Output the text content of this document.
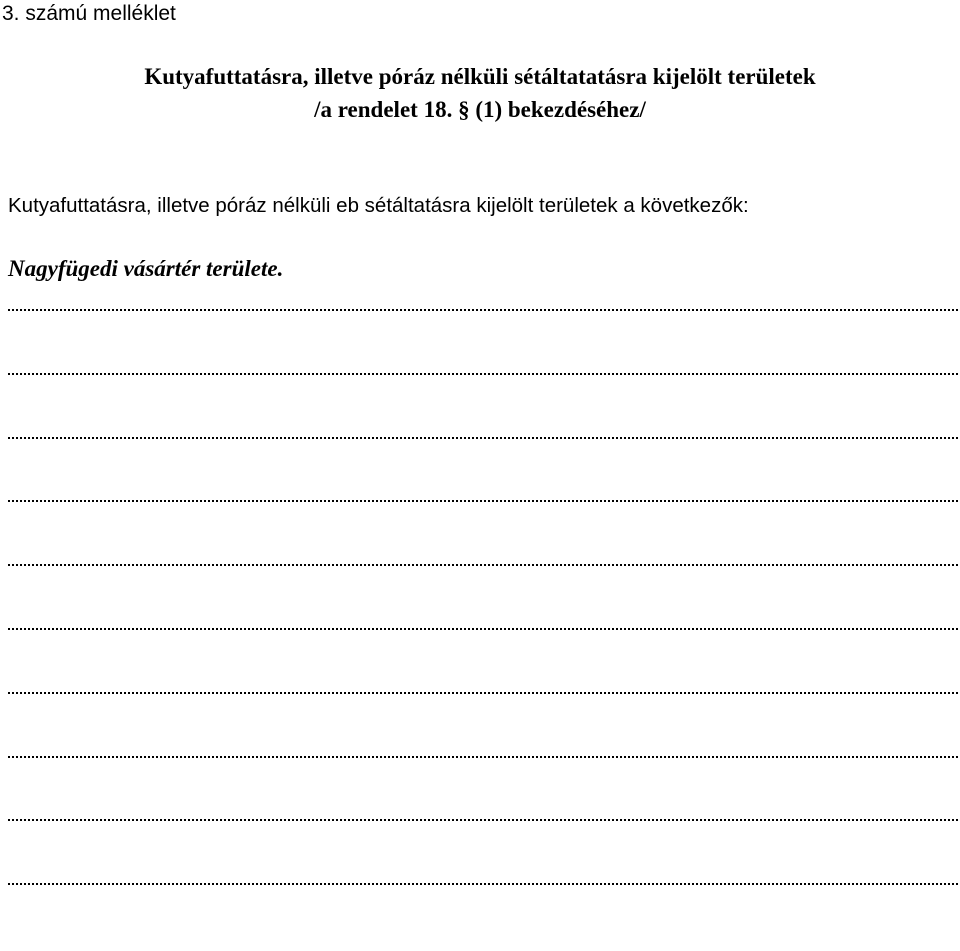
3. számú melléklet
Kutyafuttatásra, illetve póráz nélküli sétáltatatásra kijelölt területek
/a rendelet 18. § (1) bekezdéséhez/
Kutyafuttatásra, illetve póráz nélküli eb sétáltatásra kijelölt területek a következők:
Nagyfügedi vásártér területe.
